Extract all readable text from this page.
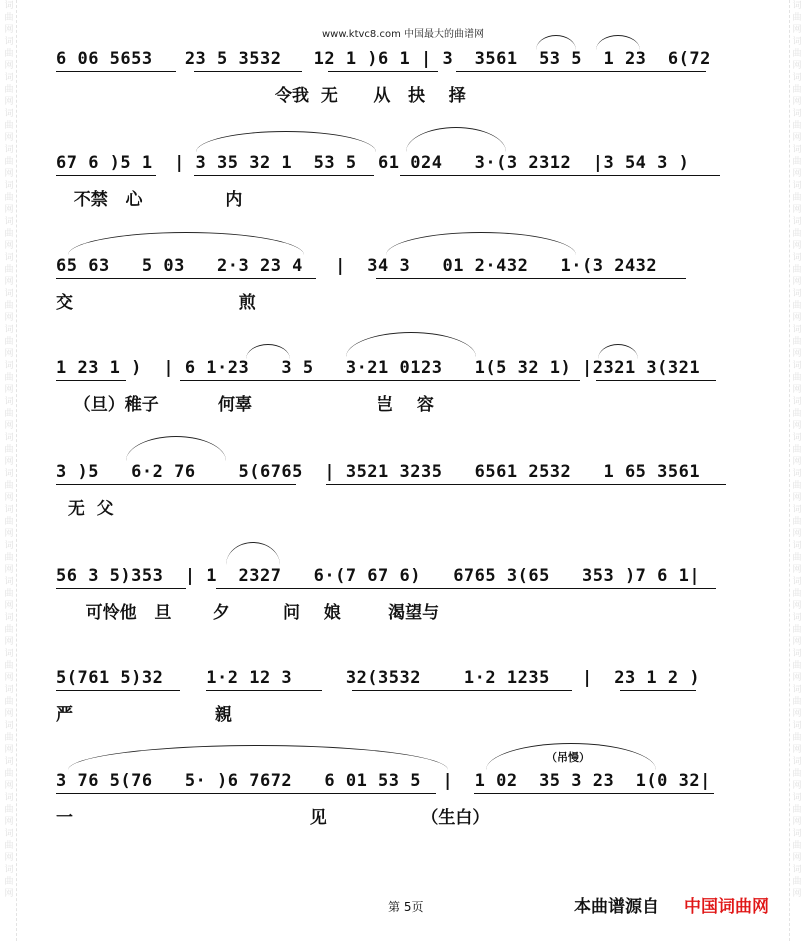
词曲网
词曲网
词曲网
词曲网
词曲网
词曲网
词曲网
词曲网
词曲网
词曲网
词曲网
词曲网
词曲网
词曲网
词曲网
词曲网
词曲网
词曲网
词曲网
词曲网
词曲网
词曲网
词曲网
词曲网
词曲网
词曲网
词曲网
词曲网
词曲网
词曲网
词曲网
词曲网
词曲网
词曲网
词曲网
词曲网
词曲网
词曲网
词曲网
词曲网
词曲网
词曲网
词曲网
词曲网
词曲网
词曲网
词曲网
词曲网
词曲网
词曲网
www.ktvc8.com 中国最大的曲谱网
6 06 5653   23 5 3532   12 1 )6 1 | 3  3561  53 5  1 23  6(72
令我  无      从   抉    择
67 6 )5 1  | 3 35 32 1  53 5  61 024   3·(3 2312  |3 54 3 )
不禁   心              内
65 63   5 03   2·3 23 4   |  34 3   01 2·432   1·(3 2432
交                            煎
1 23 1 )  | 6 1·23   3 5   3·21 0123   1(5 32 1) |2321 3(321
（旦）稚子          何辜                     岂    容
3 )5   6·2 76    5(6765  | 3521 3235   6561 2532   1 65 3561
无  父
56 3 5)353  | 1  2327   6·(7 67 6)   6765 3(65   353 )7 6 1|
可怜他   旦       夕         问    娘        渴望与
5(761 5)32    1·2 12 3     32(3532    1·2 1235   |  23 1 2 )
严                        親
3 76 5(76   5· )6 7672   6 01 53 5  |  1 02  35 3 23  1(0 32|
一                                        见                （生白）
（吊慢）
第 5页	本曲谱源自 中国词曲网
